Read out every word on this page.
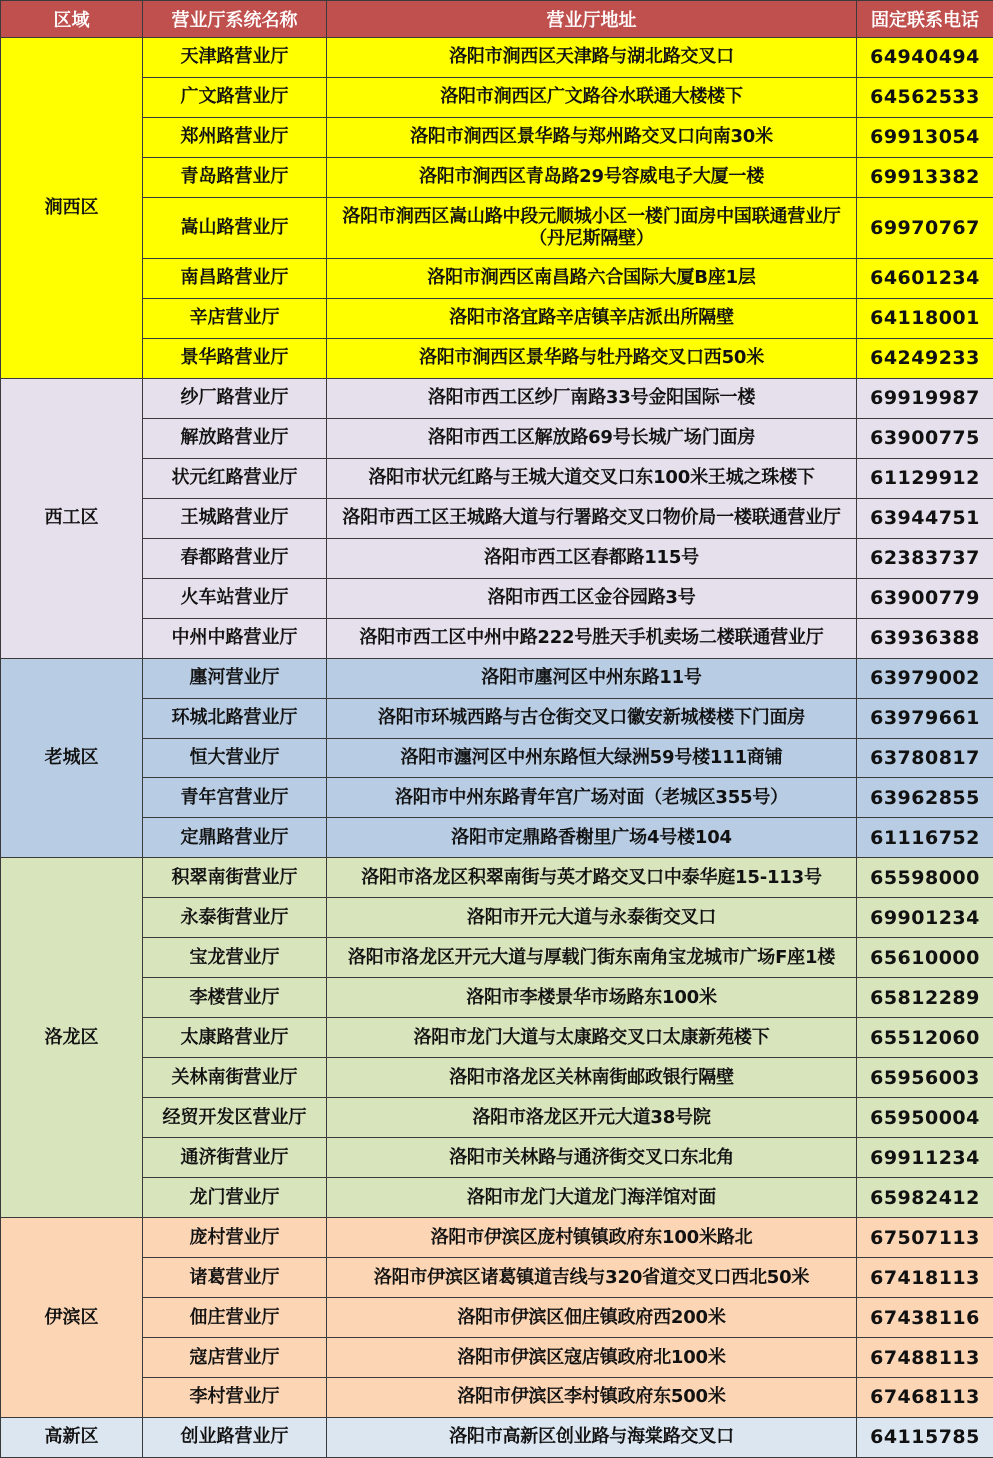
区域	营业厅系统名称	营业厅地址	固定联系电话
涧西区	天津路营业厅	洛阳市涧西区天津路与湖北路交叉口	64940494
	广文路营业厅	洛阳市涧西区广文路谷水联通大楼楼下	64562533
	郑州路营业厅	洛阳市涧西区景华路与郑州路交叉口向南30米	69913054
	青岛路营业厅	洛阳市涧西区青岛路29号容威电子大厦一楼	69913382
	嵩山路营业厅	洛阳市涧西区嵩山路中段元顺城小区一楼门面房中国联通营业厅（丹尼斯隔壁）	69970767
	南昌路营业厅	洛阳市涧西区南昌路六合国际大厦B座1层	64601234
	辛店营业厅	洛阳市洛宜路辛店镇辛店派出所隔壁	64118001
	景华路营业厅	洛阳市涧西区景华路与牡丹路交叉口西50米	64249233
西工区	纱厂路营业厅	洛阳市西工区纱厂南路33号金阳国际一楼	69919987
	解放路营业厅	洛阳市西工区解放路69号长城广场门面房	63900775
	状元红路营业厅	洛阳市状元红路与王城大道交叉口东100米王城之珠楼下	61129912
	王城路营业厅	洛阳市西工区王城路大道与行署路交叉口物价局一楼联通营业厅	63944751
	春都路营业厅	洛阳市西工区春都路115号	62383737
	火车站营业厅	洛阳市西工区金谷园路3号	63900779
	中州中路营业厅	洛阳市西工区中州中路222号胜天手机卖场二楼联通营业厅	63936388
老城区	廛河营业厅	洛阳市廛河区中州东路11号	63979002
	环城北路营业厅	洛阳市环城西路与古仓街交叉口徽安新城楼楼下门面房	63979661
	恒大营业厅	洛阳市瀍河区中州东路恒大绿洲59号楼111商铺	63780817
	青年宫营业厅	洛阳市中州东路青年宫广场对面（老城区355号）	63962855
	定鼎路营业厅	洛阳市定鼎路香榭里广场4号楼104	61116752
洛龙区	积翠南街营业厅	洛阳市洛龙区积翠南街与英才路交叉口中泰华庭15-113号	65598000
	永泰街营业厅	洛阳市开元大道与永泰街交叉口	69901234
	宝龙营业厅	洛阳市洛龙区开元大道与厚载门街东南角宝龙城市广场F座1楼	65610000
	李楼营业厅	洛阳市李楼景华市场路东100米	65812289
	太康路营业厅	洛阳市龙门大道与太康路交叉口太康新苑楼下	65512060
	关林南街营业厅	洛阳市洛龙区关林南街邮政银行隔壁	65956003
	经贸开发区营业厅	洛阳市洛龙区开元大道38号院	65950004
	通济街营业厅	洛阳市关林路与通济街交叉口东北角	69911234
	龙门营业厅	洛阳市龙门大道龙门海洋馆对面	65982412
伊滨区	庞村营业厅	洛阳市伊滨区庞村镇镇政府东100米路北	67507113
	诸葛营业厅	洛阳市伊滨区诸葛镇道吉线与320省道交叉口西北50米	67418113
	佃庄营业厅	洛阳市伊滨区佃庄镇政府西200米	67438116
	寇店营业厅	洛阳市伊滨区寇店镇政府北100米	67488113
	李村营业厅	洛阳市伊滨区李村镇政府东500米	67468113
高新区	创业路营业厅	洛阳市高新区创业路与海棠路交叉口	64115785
